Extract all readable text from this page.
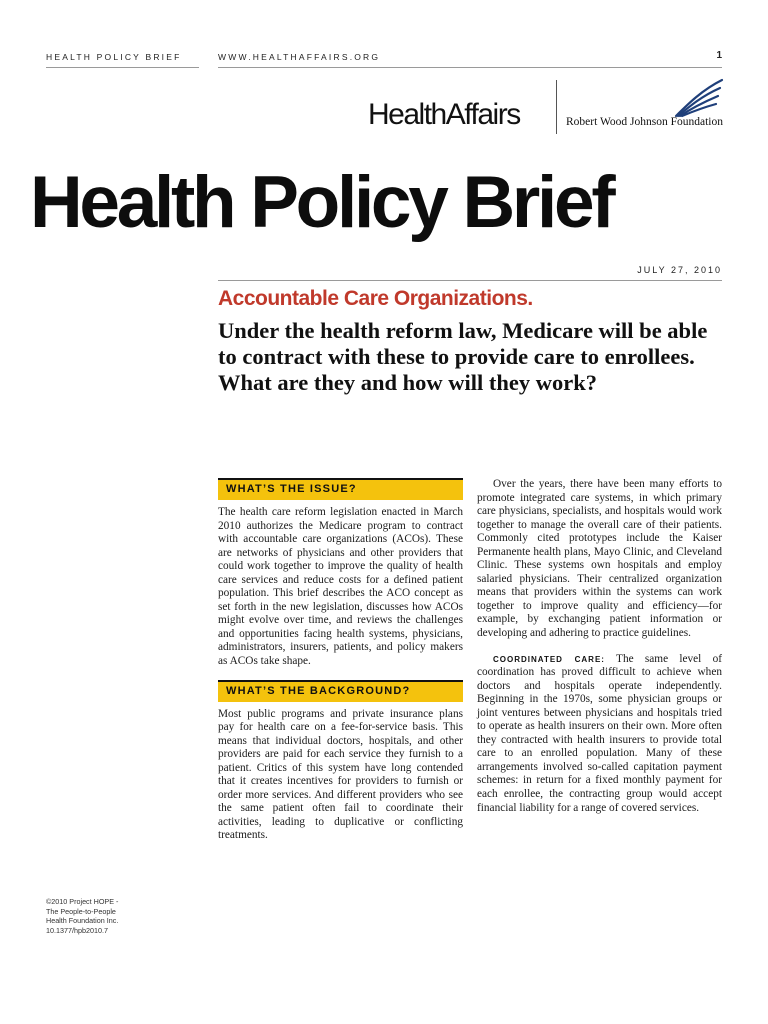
HEALTH POLICY BRIEF	WWW.HEALTHAFFAIRS.ORG	1
HealthAffairs	Robert Wood Johnson Foundation
Health Policy Brief
JULY 27, 2010
Accountable Care Organizations.
Under the health reform law, Medicare will be able to contract with these to provide care to enrollees. What are they and how will they work?
WHAT’S THE ISSUE?

The health care reform legislation enacted in March 2010 authorizes the Medicare program to contract with accountable care organizations (ACOs). These are networks of physicians and other providers that could work together to improve the quality of health care services and reduce costs for a defined patient population. This brief describes the ACO concept as set forth in the new legislation, discusses how ACOs might evolve over time, and reviews the challenges and opportunities facing health systems, physicians, administrators, insurers, patients, and policy makers as ACOs take shape.

WHAT’S THE BACKGROUND?

Most public programs and private insurance plans pay for health care on a fee-for-service basis. This means that individual doctors, hospitals, and other providers are paid for each service they furnish to a patient. Critics of this system have long contended that it creates incentives for providers to furnish or order more services. And different providers who see the same patient often fail to coordinate their activities, leading to duplicative or conflicting treatments.

Over the years, there have been many efforts to promote integrated care systems, in which primary care physicians, specialists, and hospitals would work together to manage the overall care of their patients. Commonly cited prototypes include the Kaiser Permanente health plans, Mayo Clinic, and Cleveland Clinic. These systems own hospitals and employ salaried physicians. Their centralized organization means that providers within the systems can work together to improve quality and efficiency—for example, by exchanging patient information or developing and adhering to practice guidelines.

COORDINATED CARE: The same level of coordination has proved difficult to achieve when doctors and hospitals operate independently. Beginning in the 1970s, some physician groups or joint ventures between physicians and hospitals tried to operate as health insurers on their own. More often they contracted with health insurers to provide total care to an enrolled population. Many of these arrangements involved so-called capitation payment schemes: in return for a fixed monthly payment for each enrollee, the contracting group would accept financial liability for a range of covered services.

©2010 Project HOPE -
The People-to-People
Health Foundation Inc.
10.1377/hpb2010.7
